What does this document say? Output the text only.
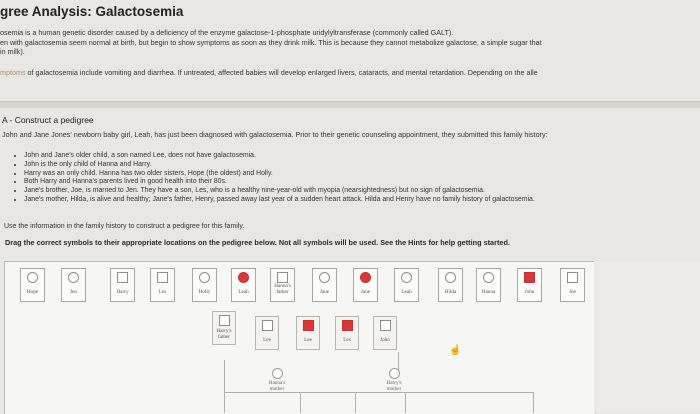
gree Analysis: Galactosemia

osemia is a human genetic disorder caused by a deficiency of the enzyme galactose-1-phosphate uridylyltransferase (commonly called GALT).

en with galactosemia seem normal at birth, but begin to show symptoms as soon as they drink milk. This is because they cannot metabolize galactose, a simple sugar that

in milk).

mptoms of galactosemia include vomiting and diarrhea. If untreated, affected babies will develop enlarged livers, cataracts, and mental retardation. Depending on the alle
A - Construct a pedigree
John and Jane Jones' newborn baby girl, Leah, has just been diagnosed with galactosemia. Prior to their genetic counseling appointment, they submitted this family history:
• John and Jane's older child, a son named Lee, does not have galactosemia.
• John is the only child of Hanna and Harry.
• Harry was an only child. Hanna has two older sisters, Hope (the oldest) and Holly.
• Both Harry and Hanna's parents lived in good health into their 80s.
• Jane's brother, Joe, is married to Jen. They have a son, Les, who is a healthy nine-year-old with myopia (nearsightedness) but no sign of galactosemia.
• Jane's mother, Hilda, is alive and healthy; Jane's father, Henry, passed away last year of a sudden heart attack. Hilda and Henry have no family history of galactosemia.
Use the information in the family history to construct a pedigree for this family.
Drag the correct symbols to their appropriate locations on the pedigree below. Not all symbols will be used. See the Hints for help getting started.
Hope	Jen	Harry	Les	Holly	Leah
Hanna's father	Jane	Jane	Leah	Hilda	Hanna	John	Joe
Harry's father
Lee	Lee	Les	John
Hanna's mother
Harry's mother
☝
